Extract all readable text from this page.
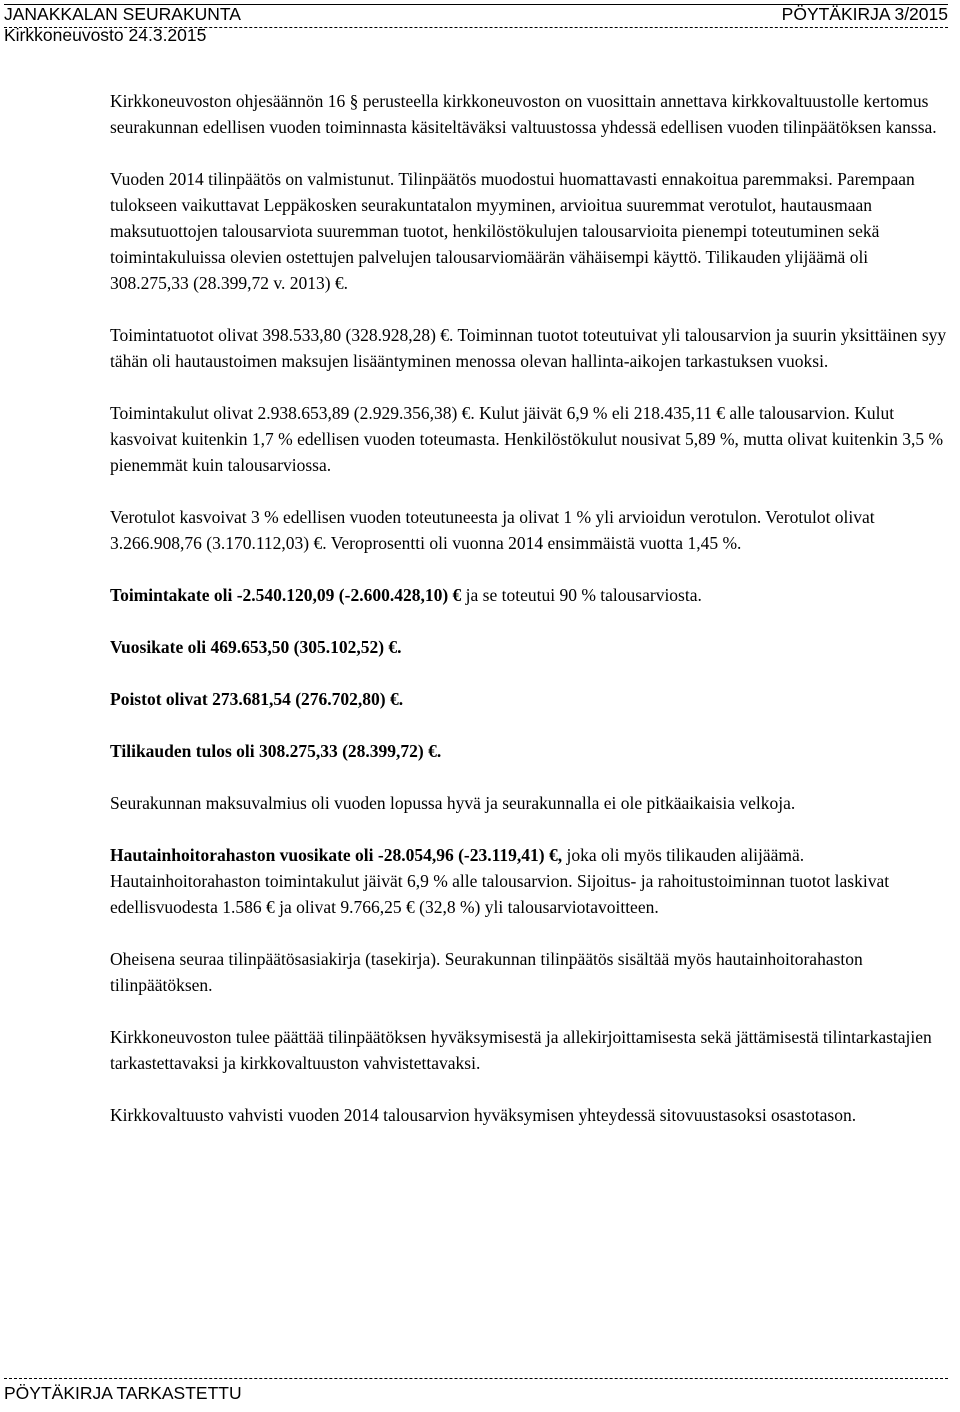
JANAKKALAN SEURAKUNTA	PÖYTÄKIRJA 3/2015
Kirkkoneuvosto 24.3.2015

Kirkkoneuvoston ohjesäännön 16 § perusteella kirkkoneuvoston on vuosittain annettava kirkkovaltuustolle kertomus seurakunnan edellisen vuoden toiminnasta käsiteltäväksi valtuustossa yhdessä edellisen vuoden tilinpäätöksen kanssa.

Vuoden 2014 tilinpäätös on valmistunut. Tilinpäätös muodostui huomattavasti ennakoitua paremmaksi. Parempaan tulokseen vaikuttavat Leppäkosken seurakuntatalon myyminen, arvioitua suuremmat verotulot, hautausmaan maksutuottojen talousarviota suuremman tuotot, henkilöstökulujen talousarvioita pienempi toteutuminen sekä toimintakuluissa olevien ostettujen palvelujen talousarviomäärän vähäisempi käyttö. Tilikauden ylijäämä oli 308.275,33 (28.399,72 v. 2013) €.

Toimintatuotot olivat 398.533,80 (328.928,28) €. Toiminnan tuotot toteutuivat yli talousarvion ja suurin yksittäinen syy tähän oli hautaustoimen maksujen lisääntyminen menossa olevan hallinta-aikojen tarkastuksen vuoksi.

Toimintakulut olivat 2.938.653,89 (2.929.356,38) €. Kulut jäivät 6,9 % eli 218.435,11 € alle talousarvion. Kulut kasvoivat kuitenkin 1,7 % edellisen vuoden toteumasta. Henkilöstökulut nousivat 5,89 %, mutta olivat kuitenkin 3,5 % pienemmät kuin talousarviossa.

Verotulot kasvoivat 3 % edellisen vuoden toteutuneesta ja olivat 1 % yli arvioidun verotulon. Verotulot olivat 3.266.908,76 (3.170.112,03) €. Veroprosentti oli vuonna 2014 ensimmäistä vuotta 1,45 %.

Toimintakate oli -2.540.120,09 (-2.600.428,10) € ja se toteutui 90 % talousarviosta.

Vuosikate oli 469.653,50 (305.102,52) €.

Poistot olivat 273.681,54 (276.702,80) €.

Tilikauden tulos oli 308.275,33 (28.399,72) €.

Seurakunnan maksuvalmius oli vuoden lopussa hyvä ja seurakunnalla ei ole pitkäaikaisia velkoja.

Hautainhoitorahaston vuosikate oli -28.054,96 (-23.119,41) €, joka oli myös tilikauden alijäämä. Hautainhoitorahaston toimintakulut jäivät 6,9 % alle talousarvion. Sijoitus- ja rahoitustoiminnan tuotot laskivat edellisvuodesta 1.586 € ja olivat 9.766,25 € (32,8 %) yli talousarviotavoitteen.

Oheisena seuraa tilinpäätösasiakirja (tasekirja). Seurakunnan tilinpäätös sisältää myös hautainhoitorahaston tilinpäätöksen.

Kirkkoneuvoston tulee päättää tilinpäätöksen hyväksymisestä ja allekirjoittamisesta sekä jättämisestä tilintarkastajien tarkastettavaksi ja kirkkovaltuuston vahvistettavaksi.

Kirkkovaltuusto vahvisti vuoden 2014 talousarvion hyväksymisen yhteydessä sitovuustasoksi osastotason.

PÖYTÄKIRJA TARKASTETTU
